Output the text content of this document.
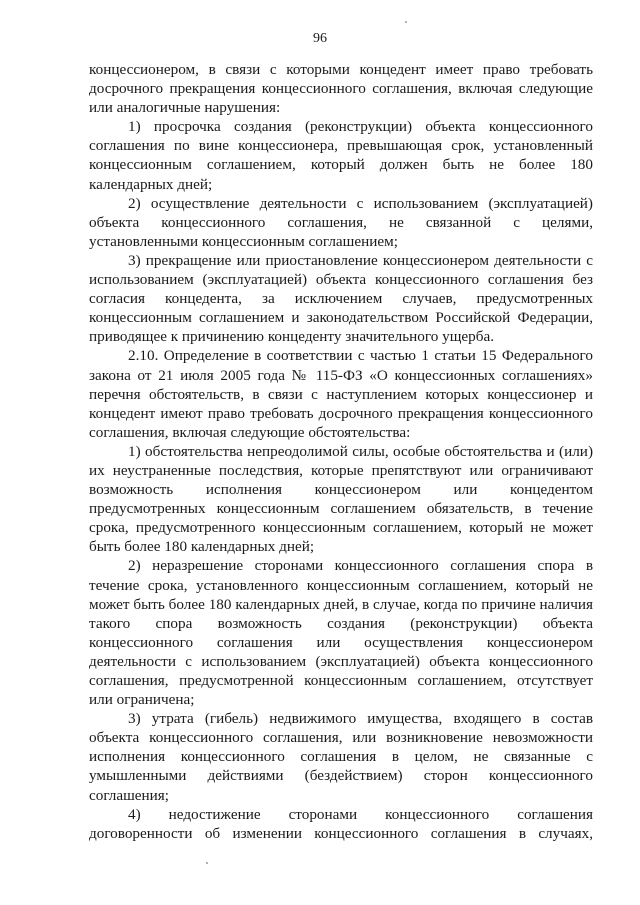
96

концессионером, в связи с которыми концедент имеет право требовать досрочного прекращения концессионного соглашения, включая следующие или аналогичные нарушения:

1) просрочка создания (реконструкции) объекта концессионного соглашения по вине концессионера, превышающая срок, установленный концессионным соглашением, который должен быть не более 180 календарных дней;

2) осуществление деятельности с использованием (эксплуатацией) объекта концессионного соглашения, не связанной с целями, установленными концессионным соглашением;

3) прекращение или приостановление концессионером деятельности с использованием (эксплуатацией) объекта концессионного соглашения без согласия концедента, за исключением случаев, предусмотренных концессионным соглашением и законодательством Российской Федерации, приводящее к причинению концеденту значительного ущерба.

2.10. Определение в соответствии с частью 1 статьи 15 Федерального закона от 21 июля 2005 года № 115-ФЗ «О концессионных соглашениях» перечня обстоятельств, в связи с наступлением которых концессионер и концедент имеют право требовать досрочного прекращения концессионного соглашения, включая следующие обстоятельства:

1) обстоятельства непреодолимой силы, особые обстоятельства и (или) их неустраненные последствия, которые препятствуют или ограничивают возможность исполнения концессионером или концедентом предусмотренных концессионным соглашением обязательств, в течение срока, предусмотренного концессионным соглашением, который не может быть более 180 календарных дней;

2) неразрешение сторонами концессионного соглашения спора в течение срока, установленного концессионным соглашением, который не может быть более 180 календарных дней, в случае, когда по причине наличия такого спора возможность создания (реконструкции) объекта концессионного соглашения или осуществления концессионером деятельности с использованием (эксплуатацией) объекта концессионного соглашения, предусмотренной концессионным соглашением, отсутствует или ограничена;

3) утрата (гибель) недвижимого имущества, входящего в состав объекта концессионного соглашения, или возникновение невозможности исполнения концессионного соглашения в целом, не связанные с умышленными действиями (бездействием) сторон концессионного соглашения;

4) недостижение сторонами концессионного соглашения договоренности об изменении концессионного соглашения в случаях,
